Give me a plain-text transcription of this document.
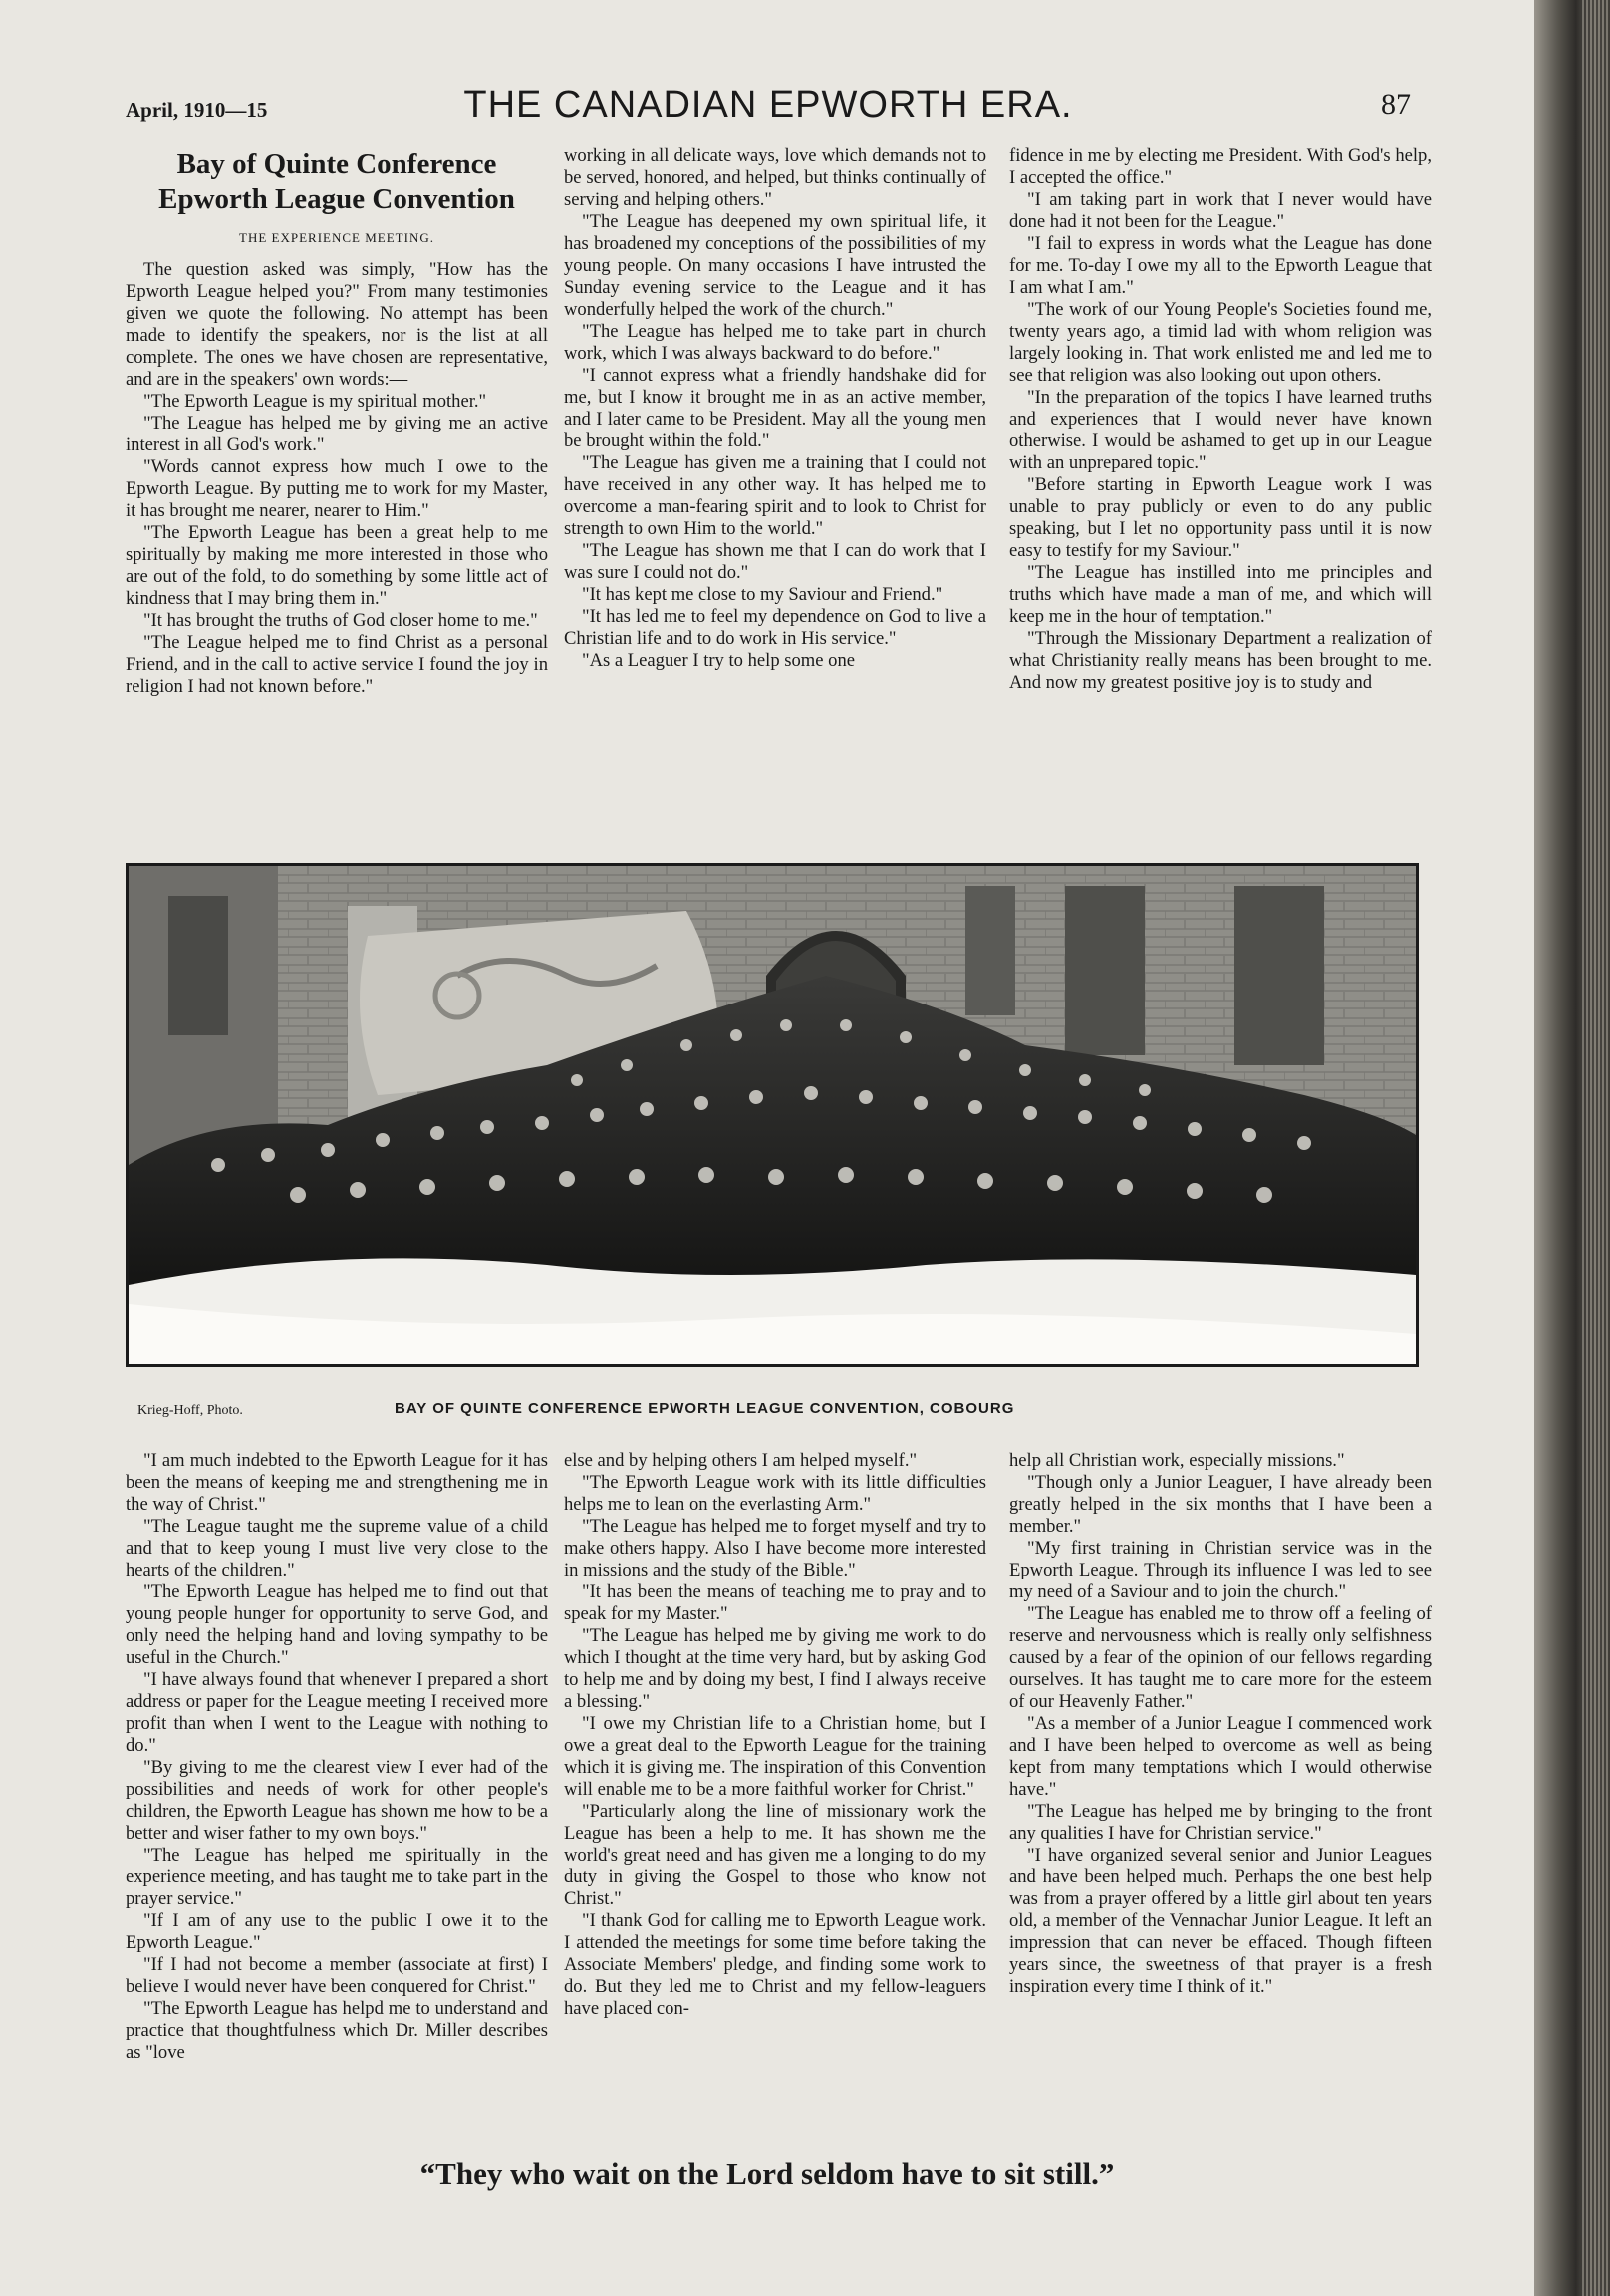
April, 1910—15	THE CANADIAN EPWORTH ERA.	87
Bay of Quinte Conference Epworth League Convention
THE EXPERIENCE MEETING.

The question asked was simply, "How has the Epworth League helped you?" From many testimonies given we quote the following. No attempt has been made to identify the speakers, nor is the list at all complete. The ones we have chosen are representative, and are in the speakers' own words:—

"The Epworth League is my spiritual mother."

"The League has helped me by giving me an active interest in all God's work."

"Words cannot express how much I owe to the Epworth League. By putting me to work for my Master, it has brought me nearer, nearer to Him."

"The Epworth League has been a great help to me spiritually by making me more interested in those who are out of the fold, to do something by some little act of kindness that I may bring them in."

"It has brought the truths of God closer home to me."

"The League helped me to find Christ as a personal Friend, and in the call to active service I found the joy in religion I had not known before."

working in all delicate ways, love which demands not to be served, honored, and helped, but thinks continually of serving and helping others."

"The League has deepened my own spiritual life, it has broadened my conceptions of the possibilities of my young people. On many occasions I have intrusted the Sunday evening service to the League and it has wonderfully helped the work of the church."

"The League has helped me to take part in church work, which I was always backward to do before."

"I cannot express what a friendly handshake did for me, but I know it brought me in as an active member, and I later came to be President. May all the young men be brought within the fold."

"The League has given me a training that I could not have received in any other way. It has helped me to overcome a man-fearing spirit and to look to Christ for strength to own Him to the world."

"The League has shown me that I can do work that I was sure I could not do."

"It has kept me close to my Saviour and Friend."

"It has led me to feel my dependence on God to live a Christian life and to do work in His service."

"As a Leaguer I try to help some one

fidence in me by electing me President. With God's help, I accepted the office."

"I am taking part in work that I never would have done had it not been for the League."

"I fail to express in words what the League has done for me. To-day I owe my all to the Epworth League that I am what I am."

"The work of our Young People's Societies found me, twenty years ago, a timid lad with whom religion was largely looking in. That work enlisted me and led me to see that religion was also looking out upon others.

"In the preparation of the topics I have learned truths and experiences that I would never have known otherwise. I would be ashamed to get up in our League with an unprepared topic."

"Before starting in Epworth League work I was unable to pray publicly or even to do any public speaking, but I let no opportunity pass until it is now easy to testify for my Saviour."

"The League has instilled into me principles and truths which have made a man of me, and which will keep me in the hour of temptation."

"Through the Missionary Department a realization of what Christianity really means has been brought to me. And now my greatest positive joy is to study and

Krieg-Hoff, Photo.	BAY OF QUINTE CONFERENCE EPWORTH LEAGUE CONVENTION, COBOURG

"I am much indebted to the Epworth League for it has been the means of keeping me and strengthening me in the way of Christ."

"The League taught me the supreme value of a child and that to keep young I must live very close to the hearts of the children."

"The Epworth League has helped me to find out that young people hunger for opportunity to serve God, and only need the helping hand and loving sympathy to be useful in the Church."

"I have always found that whenever I prepared a short address or paper for the League meeting I received more profit than when I went to the League with nothing to do."

"By giving to me the clearest view I ever had of the possibilities and needs of work for other people's children, the Epworth League has shown me how to be a better and wiser father to my own boys."

"The League has helped me spiritually in the experience meeting, and has taught me to take part in the prayer service."

"If I am of any use to the public I owe it to the Epworth League."

"If I had not become a member (associate at first) I believe I would never have been conquered for Christ."

"The Epworth League has helpd me to understand and practice that thoughtfulness which Dr. Miller describes as "love

else and by helping others I am helped myself."

"The Epworth League work with its little difficulties helps me to lean on the everlasting Arm."

"The League has helped me to forget myself and try to make others happy. Also I have become more interested in missions and the study of the Bible."

"It has been the means of teaching me to pray and to speak for my Master."

"The League has helped me by giving me work to do which I thought at the time very hard, but by asking God to help me and by doing my best, I find I always receive a blessing."

"I owe my Christian life to a Christian home, but I owe a great deal to the Epworth League for the training which it is giving me. The inspiration of this Convention will enable me to be a more faithful worker for Christ."

"Particularly along the line of missionary work the League has been a help to me. It has shown me the world's great need and has given me a longing to do my duty in giving the Gospel to those who know not Christ."

"I thank God for calling me to Epworth League work. I attended the meetings for some time before taking the Associate Members' pledge, and finding some work to do. But they led me to Christ and my fellow-leaguers have placed con-

help all Christian work, especially missions."

"Though only a Junior Leaguer, I have already been greatly helped in the six months that I have been a member."

"My first training in Christian service was in the Epworth League. Through its influence I was led to see my need of a Saviour and to join the church."

"The League has enabled me to throw off a feeling of reserve and nervousness which is really only selfishness caused by a fear of the opinion of our fellows regarding ourselves. It has taught me to care more for the esteem of our Heavenly Father."

"As a member of a Junior League I commenced work and I have been helped to overcome as well as being kept from many temptations which I would otherwise have."

"The League has helped me by bringing to the front any qualities I have for Christian service."

"I have organized several senior and Junior Leagues and have been helped much. Perhaps the one best help was from a prayer offered by a little girl about ten years old, a member of the Vennachar Junior League. It left an impression that can never be effaced. Though fifteen years since, the sweetness of that prayer is a fresh inspiration every time I think of it."

“They who wait on the Lord seldom have to sit still.”
